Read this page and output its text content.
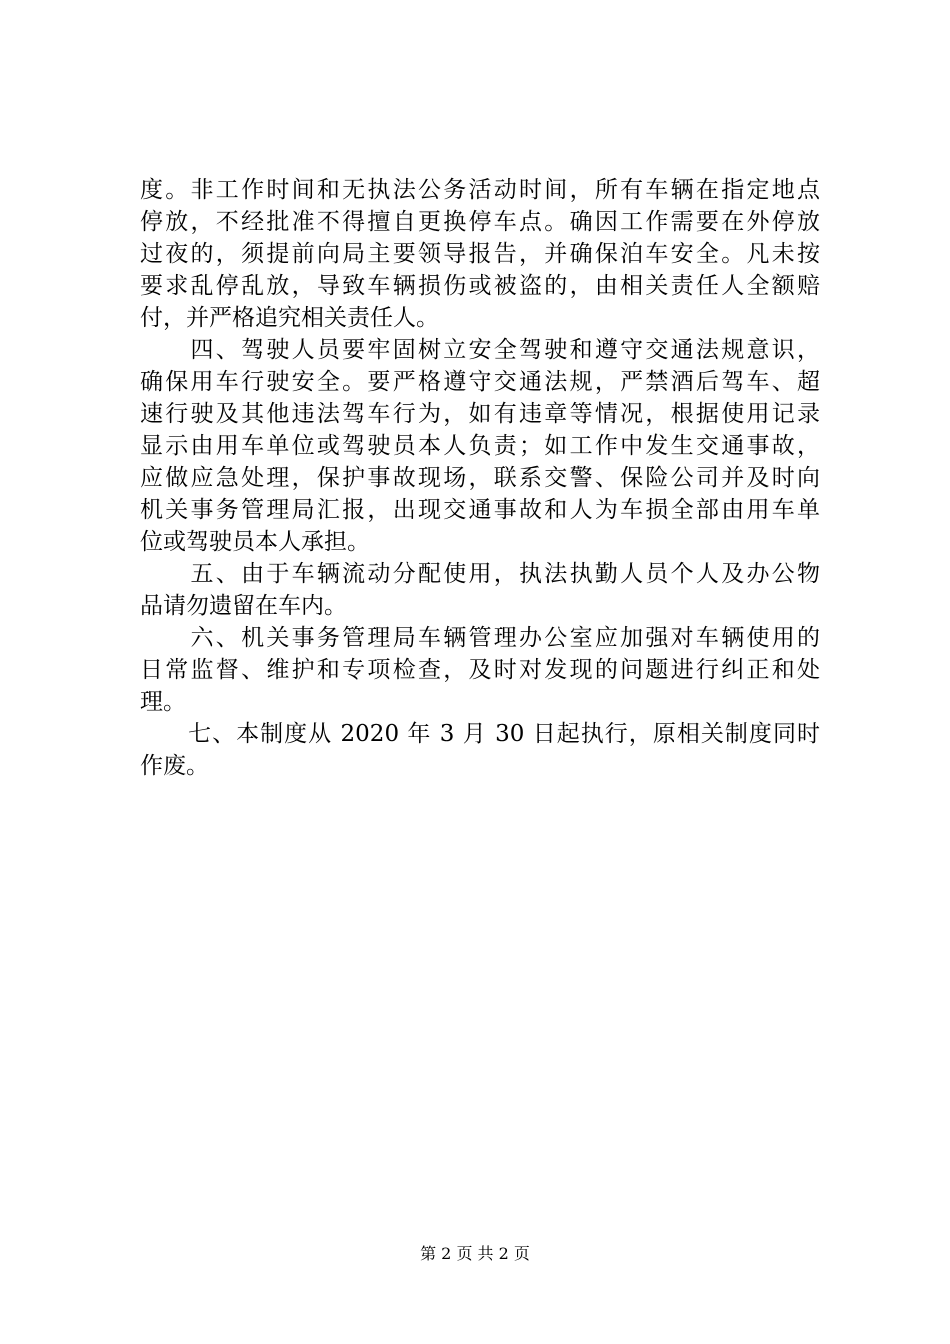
度。非工作时间和无执法公务活动时间，所有车辆在指定地点
停放，不经批准不得擅自更换停车点。确因工作需要在外停放
过夜的，须提前向局主要领导报告，并确保泊车安全。凡未按
要求乱停乱放，导致车辆损伤或被盗的，由相关责任人全额赔
付，并严格追究相关责任人。
　　四、驾驶人员要牢固树立安全驾驶和遵守交通法规意识，
确保用车行驶安全。要严格遵守交通法规，严禁酒后驾车、超
速行驶及其他违法驾车行为，如有违章等情况，根据使用记录
显示由用车单位或驾驶员本人负责；如工作中发生交通事故，
应做应急处理，保护事故现场，联系交警、保险公司并及时向
机关事务管理局汇报，出现交通事故和人为车损全部由用车单
位或驾驶员本人承担。
　　五、由于车辆流动分配使用，执法执勤人员个人及办公物
品请勿遗留在车内。
　　六、机关事务管理局车辆管理办公室应加强对车辆使用的
日常监督、维护和专项检查，及时对发现的问题进行纠正和处
理。
　　七、本制度从 2020 年 3 月 30 日起执行，原相关制度同时
作废。
第 2 页 共 2 页
